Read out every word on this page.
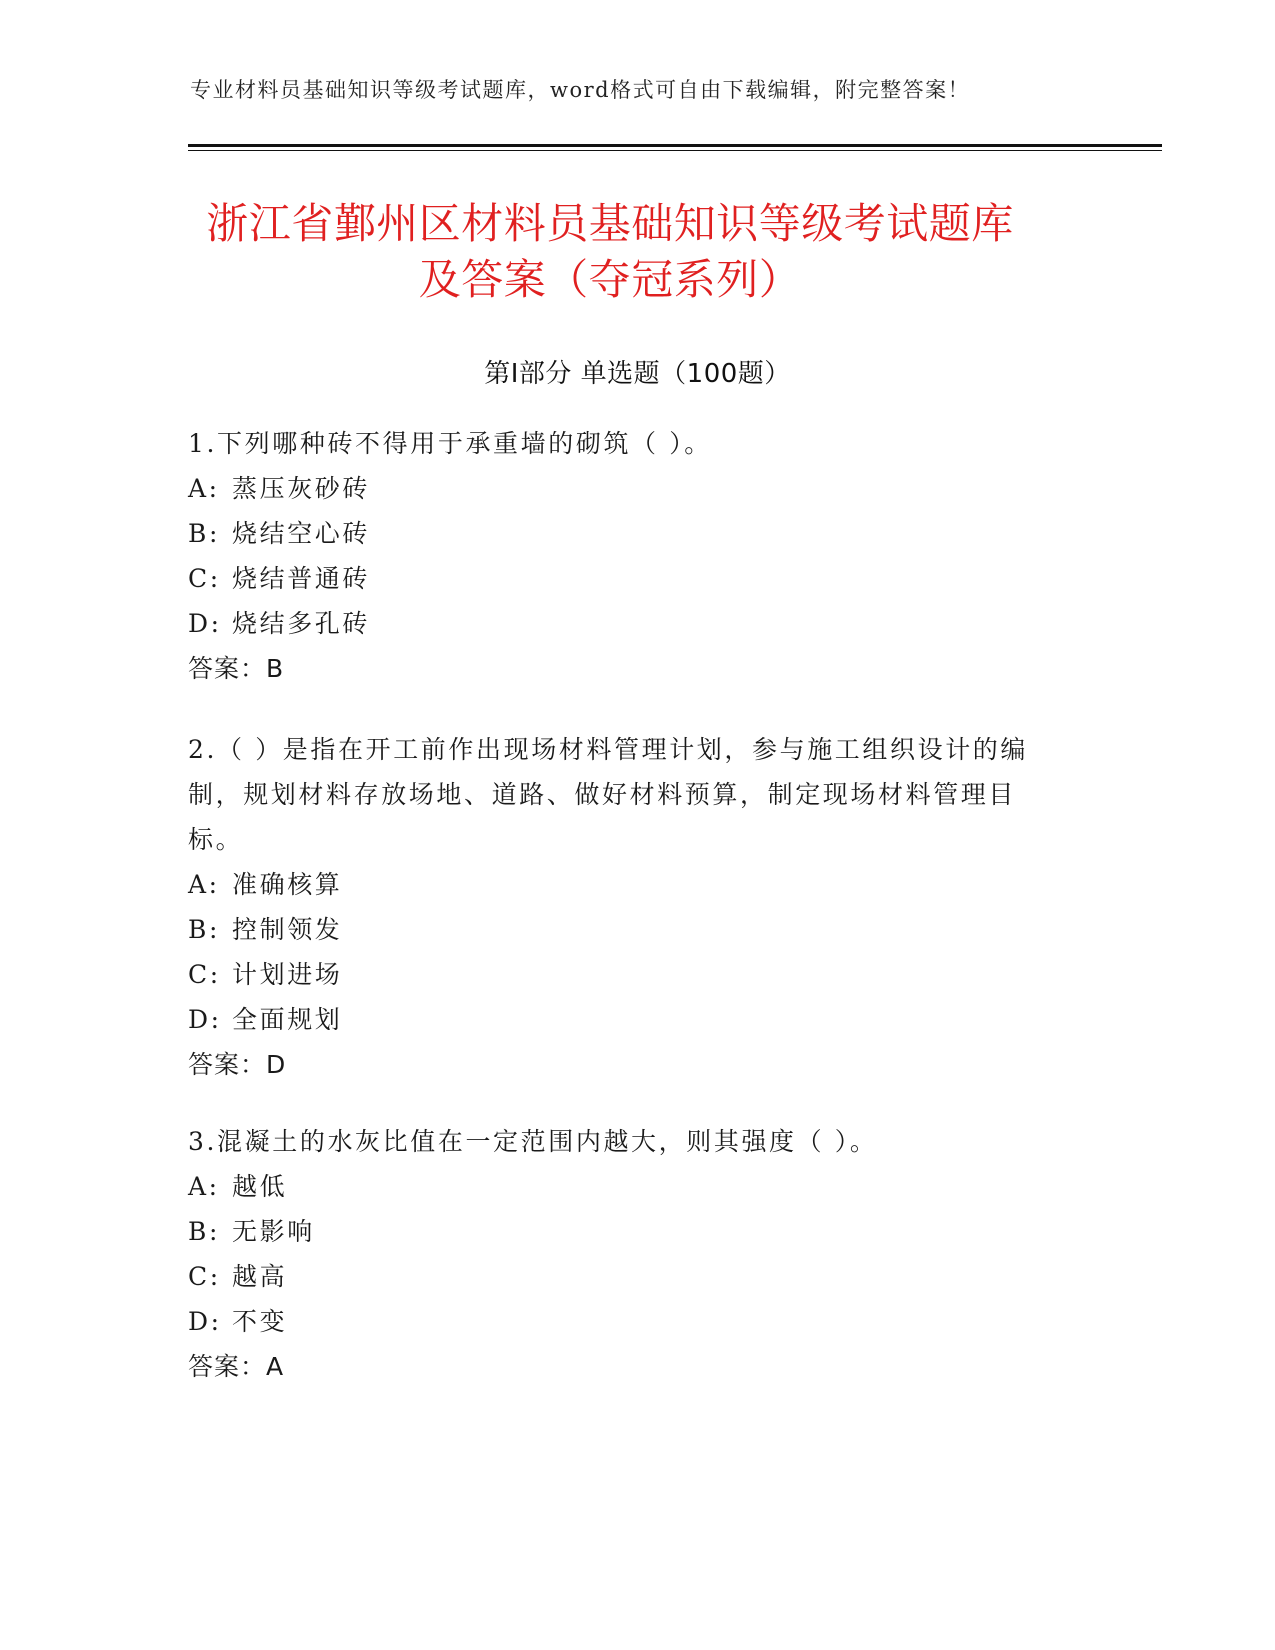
专业材料员基础知识等级考试题库，word格式可自由下载编辑，附完整答案！
浙江省鄞州区材料员基础知识等级考试题库
及答案（夺冠系列）
第Ⅰ部分 单选题（100题）

1.下列哪种砖不得用于承重墙的砌筑（ ）。

A: 蒸压灰砂砖

B: 烧结空心砖

C: 烧结普通砖

D: 烧结多孔砖

答案：B

2.（ ）是指在开工前作出现场材料管理计划，参与施工组织设计的编制，规划材料存放场地、道路、做好材料预算，制定现场材料管理目标。

A: 准确核算

B: 控制领发

C: 计划进场

D: 全面规划

答案：D

3.混凝土的水灰比值在一定范围内越大，则其强度（ ）。

A: 越低

B: 无影响

C: 越高

D: 不变

答案：A
